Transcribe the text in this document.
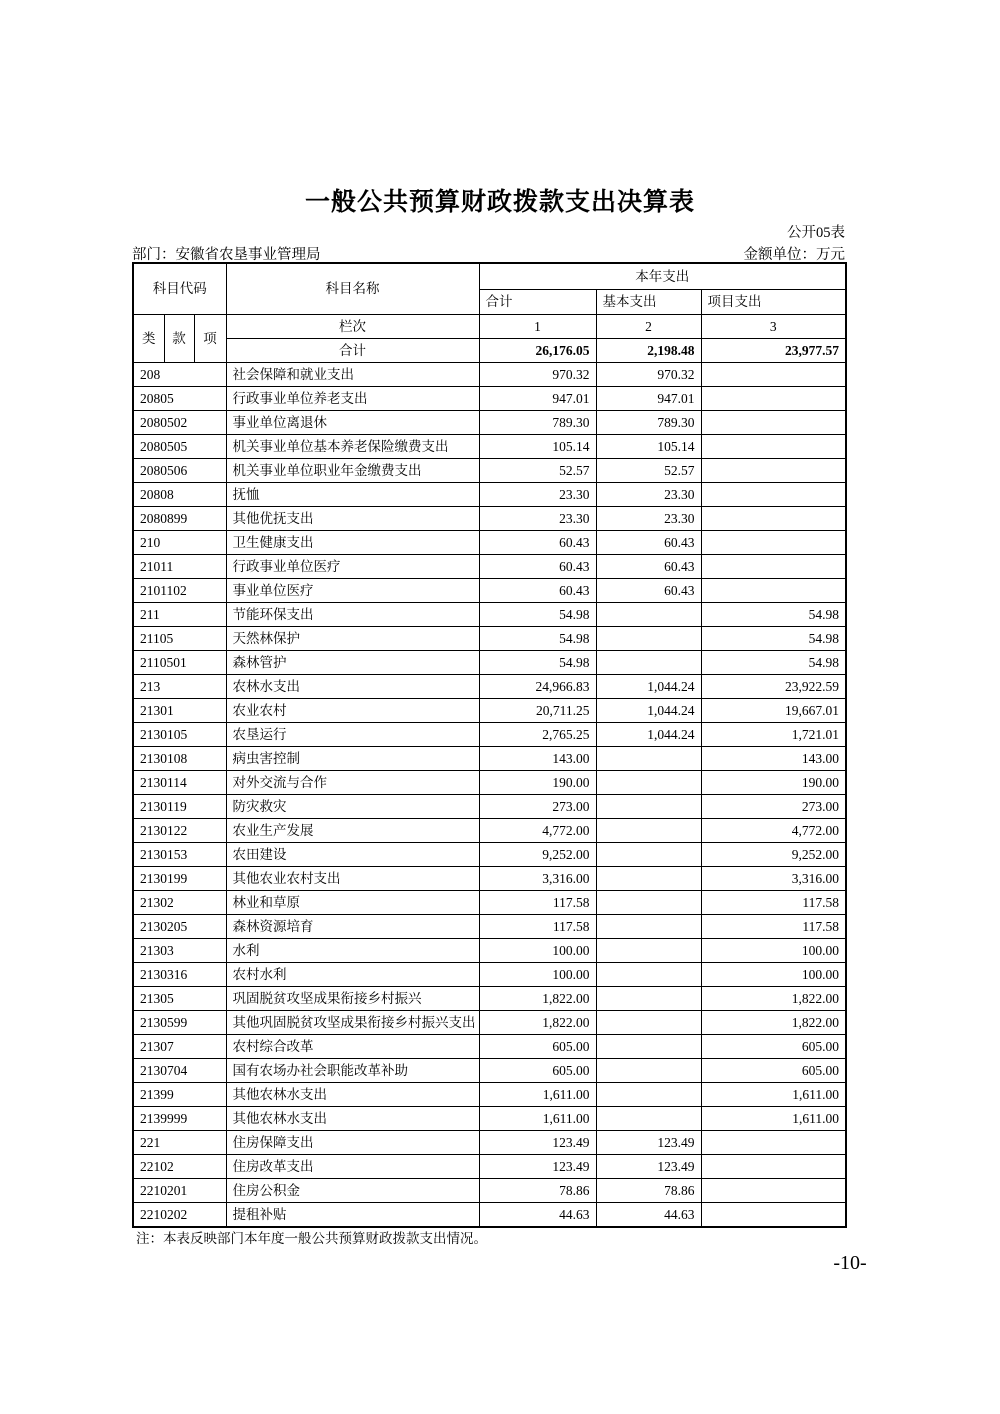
一般公共预算财政拨款支出决算表
公开05表
部门：安徽省农垦事业管理局	金额单位：万元
科目代码			科目名称	本年支出		
				合计	基本支出	项目支出
类	款	项	栏次	1	2	3
			合计	26,176.05	2,198.48	23,977.57
208			社会保障和就业支出	970.32	970.32	
20805			行政事业单位养老支出	947.01	947.01	
2080502			事业单位离退休	789.30	789.30	
2080505			机关事业单位基本养老保险缴费支出	105.14	105.14	
2080506			机关事业单位职业年金缴费支出	52.57	52.57	
20808			抚恤	23.30	23.30	
2080899			其他优抚支出	23.30	23.30	
210			卫生健康支出	60.43	60.43	
21011			行政事业单位医疗	60.43	60.43	
2101102			事业单位医疗	60.43	60.43	
211			节能环保支出	54.98		54.98
21105			天然林保护	54.98		54.98
2110501			森林管护	54.98		54.98
213			农林水支出	24,966.83	1,044.24	23,922.59
21301			农业农村	20,711.25	1,044.24	19,667.01
2130105			农垦运行	2,765.25	1,044.24	1,721.01
2130108			病虫害控制	143.00		143.00
2130114			对外交流与合作	190.00		190.00
2130119			防灾救灾	273.00		273.00
2130122			农业生产发展	4,772.00		4,772.00
2130153			农田建设	9,252.00		9,252.00
2130199			其他农业农村支出	3,316.00		3,316.00
21302			林业和草原	117.58		117.58
2130205			森林资源培育	117.58		117.58
21303			水利	100.00		100.00
2130316			农村水利	100.00		100.00
21305			巩固脱贫攻坚成果衔接乡村振兴	1,822.00		1,822.00
2130599			其他巩固脱贫攻坚成果衔接乡村振兴支出	1,822.00		1,822.00
21307			农村综合改革	605.00		605.00
2130704			国有农场办社会职能改革补助	605.00		605.00
21399			其他农林水支出	1,611.00		1,611.00
2139999			其他农林水支出	1,611.00		1,611.00
221			住房保障支出	123.49	123.49	
22102			住房改革支出	123.49	123.49	
2210201			住房公积金	78.86	78.86	
2210202			提租补贴	44.63	44.63	
注：本表反映部门本年度一般公共预算财政拨款支出情况。
-10-
